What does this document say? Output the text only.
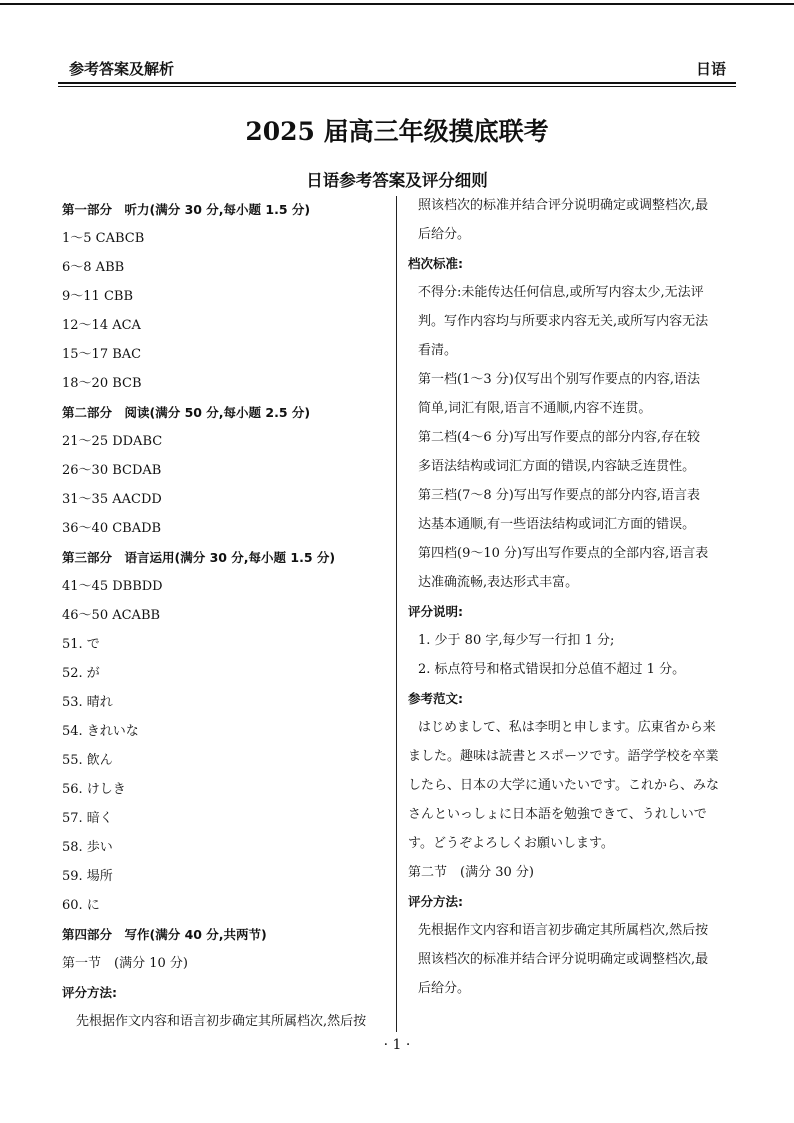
参考答案及解析	日语
2025 届高三年级摸底联考
日语参考答案及评分细则
第一部分　听力(满分 30 分,每小题 1.5 分)
1～5 CABCB
6～8 ABB
9～11 CBB
12～14 ACA
15～17 BAC
18～20 BCB
第二部分　阅读(满分 50 分,每小题 2.5 分)
21～25 DDABC
26～30 BCDAB
31～35 AACDD
36～40 CBADB
第三部分　语言运用(满分 30 分,每小题 1.5 分)
41～45 DBBDD
46～50 ACABB
51. で
52. が
53. 晴れ
54. きれいな
55. 飲ん
56. けしき
57. 暗く
58. 歩い
59. 場所
60. に
第四部分　写作(满分 40 分,共两节)
第一节　(满分 10 分)
评分方法:
先根据作文内容和语言初步确定其所属档次,然后按
照该档次的标准并结合评分说明确定或调整档次,最
后给分。
档次标准:
不得分:未能传达任何信息,或所写内容太少,无法评
判。写作内容均与所要求内容无关,或所写内容无法
看清。
第一档(1～3 分)仅写出个别写作要点的内容,语法
简单,词汇有限,语言不通顺,内容不连贯。
第二档(4～6 分)写出写作要点的部分内容,存在较
多语法结构或词汇方面的错误,内容缺乏连贯性。
第三档(7～8 分)写出写作要点的部分内容,语言表
达基本通顺,有一些语法结构或词汇方面的错误。
第四档(9～10 分)写出写作要点的全部内容,语言表
达准确流畅,表达形式丰富。
评分说明:
1. 少于 80 字,每少写一行扣 1 分;
2. 标点符号和格式错误扣分总值不超过 1 分。
参考范文:
はじめまして、私は李明と申します。広東省から来
ました。趣味は読書とスポーツです。語学学校を卒業
したら、日本の大学に通いたいです。これから、みな
さんといっしょに日本語を勉強できて、うれしいで
す。どうぞよろしくお願いします。
第二节　(满分 30 分)
评分方法:
先根据作文内容和语言初步确定其所属档次,然后按
照该档次的标准并结合评分说明确定或调整档次,最
后给分。
· 1 ·
